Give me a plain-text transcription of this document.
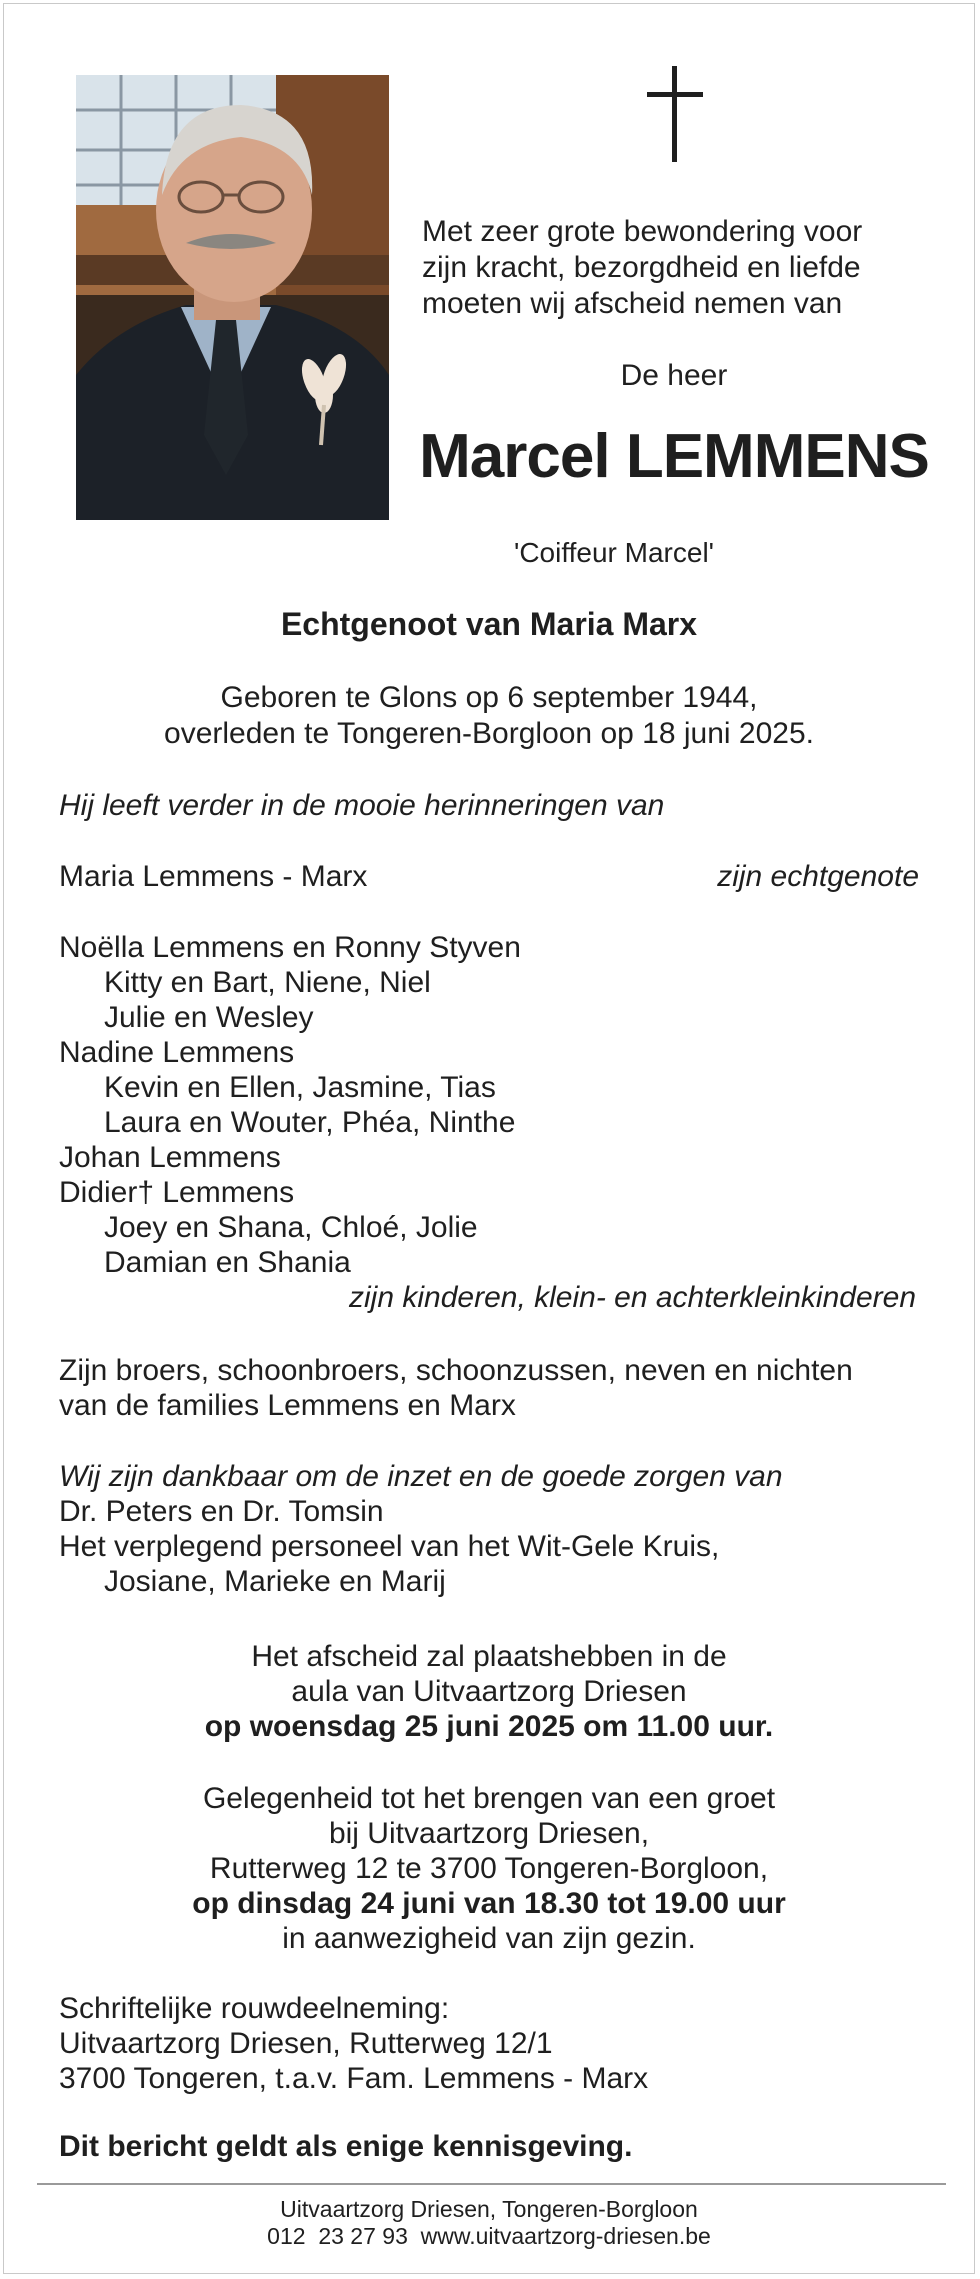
Met zeer grote bewondering voor
zijn kracht, bezorgdheid en liefde
moeten wij afscheid nemen van
De heer
Marcel LEMMENS
'Coiffeur Marcel'
Echtgenoot van Maria Marx
Geboren te Glons op 6 september 1944,
overleden te Tongeren-Borgloon op 18 juni 2025.
Hij leeft verder in de mooie herinneringen van
Maria Lemmens - Marx	zijn echtgenote
Noëlla Lemmens en Ronny Styven
Kitty en Bart, Niene, Niel
Julie en Wesley
Nadine Lemmens
Kevin en Ellen, Jasmine, Tias
Laura en Wouter, Phéa, Ninthe
Johan Lemmens
Didier† Lemmens
Joey en Shana, Chloé, Jolie
Damian en Shania
zijn kinderen, klein- en achterkleinkinderen
Zijn broers, schoonbroers, schoonzussen, neven en nichten
van de families Lemmens en Marx
Wij zijn dankbaar om de inzet en de goede zorgen van
Dr. Peters en Dr. Tomsin
Het verplegend personeel van het Wit-Gele Kruis,
Josiane, Marieke en Marij
Het afscheid zal plaatshebben in de
aula van Uitvaartzorg Driesen
op woensdag 25 juni 2025 om 11.00 uur.
Gelegenheid tot het brengen van een groet
bij Uitvaartzorg Driesen,
Rutterweg 12 te 3700 Tongeren-Borgloon,
op dinsdag 24 juni van 18.30 tot 19.00 uur
in aanwezigheid van zijn gezin.
Schriftelijke rouwdeelneming:
Uitvaartzorg Driesen, Rutterweg 12/1
3700 Tongeren, t.a.v. Fam. Lemmens - Marx
Dit bericht geldt als enige kennisgeving.
Uitvaartzorg Driesen, Tongeren-Borgloon
012  23 27 93  www.uitvaartzorg-driesen.be
